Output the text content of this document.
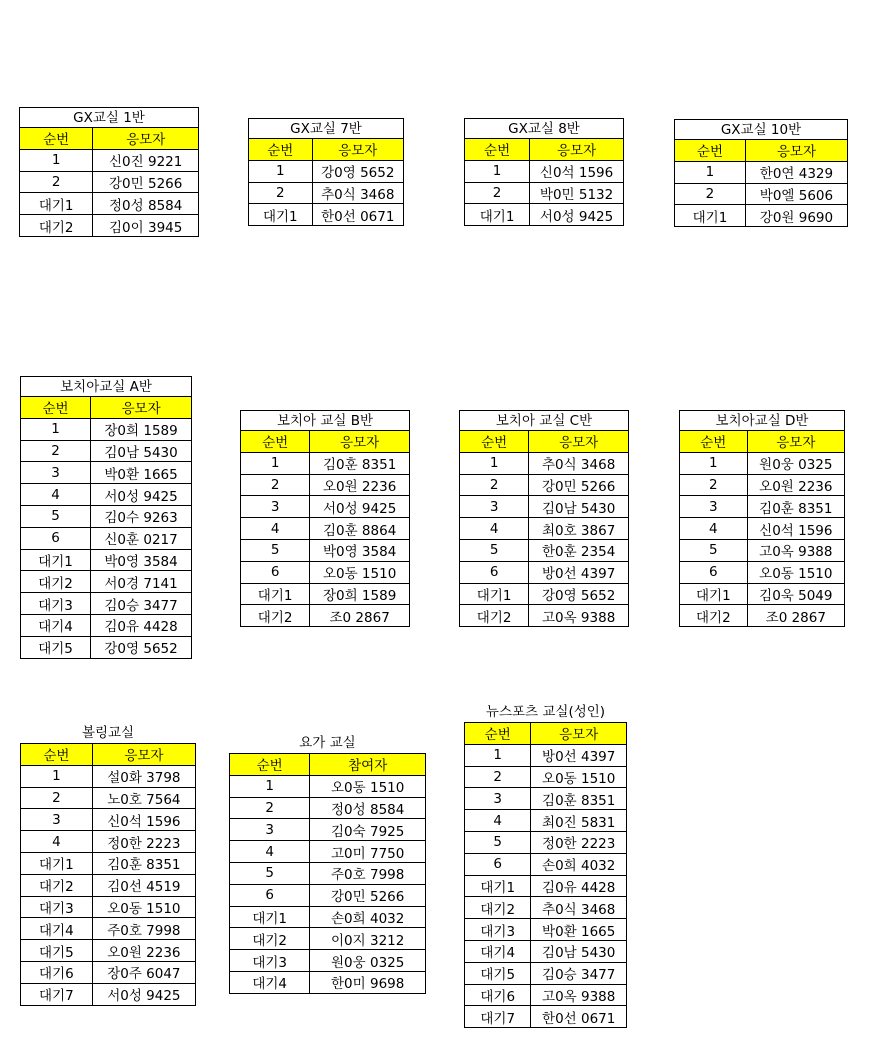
GX교실 1반
순번	응모자
1	신0진 9221
2	강0민 5266
대기1	정0성 8584
대기2	김0이 3945
GX교실 7반
순번	응모자
1	강0영 5652
2	추0식 3468
대기1	한0선 0671
GX교실 8반
순번	응모자
1	신0석 1596
2	박0민 5132
대기1	서0성 9425
GX교실 10반
순번	응모자
1	한0연 4329
2	박0엘 5606
대기1	강0원 9690
보치아교실 A반
순번	응모자
1	장0희 1589
2	김0남 5430
3	박0환 1665
4	서0성 9425
5	김0수 9263
6	신0훈 0217
대기1	박0영 3584
대기2	서0경 7141
대기3	김0승 3477
대기4	김0유 4428
대기5	강0영 5652
보치아 교실 B반
순번	응모자
1	김0훈 8351
2	오0원 2236
3	서0성 9425
4	김0훈 8864
5	박0영 3584
6	오0동 1510
대기1	장0희 1589
대기2	조0 2867
보치아 교실 C반
순번	응모자
1	추0식 3468
2	강0민 5266
3	김0남 5430
4	최0호 3867
5	한0훈 2354
6	방0선 4397
대기1	강0영 5652
대기2	고0옥 9388
보치아교실 D반
순번	응모자
1	원0웅 0325
2	오0원 2236
3	김0훈 8351
4	신0석 1596
5	고0옥 9388
6	오0동 1510
대기1	김0욱 5049
대기2	조0 2867
볼링교실
순번	응모자
1	설0화 3798
2	노0호 7564
3	신0석 1596
4	정0한 2223
대기1	김0훈 8351
대기2	김0선 4519
대기3	오0동 1510
대기4	주0호 7998
대기5	오0원 2236
대기6	장0주 6047
대기7	서0성 9425
요가 교실
순번	참여자
1	오0동 1510
2	정0성 8584
3	김0숙 7925
4	고0미 7750
5	주0호 7998
6	강0민 5266
대기1	손0희 4032
대기2	이0지 3212
대기3	원0웅 0325
대기4	한0미 9698
뉴스포츠 교실(성인)
순번	응모자
1	방0선 4397
2	오0동 1510
3	김0훈 8351
4	최0진 5831
5	정0한 2223
6	손0희 4032
대기1	김0유 4428
대기2	추0식 3468
대기3	박0환 1665
대기4	김0남 5430
대기5	김0승 3477
대기6	고0옥 9388
대기7	한0선 0671
